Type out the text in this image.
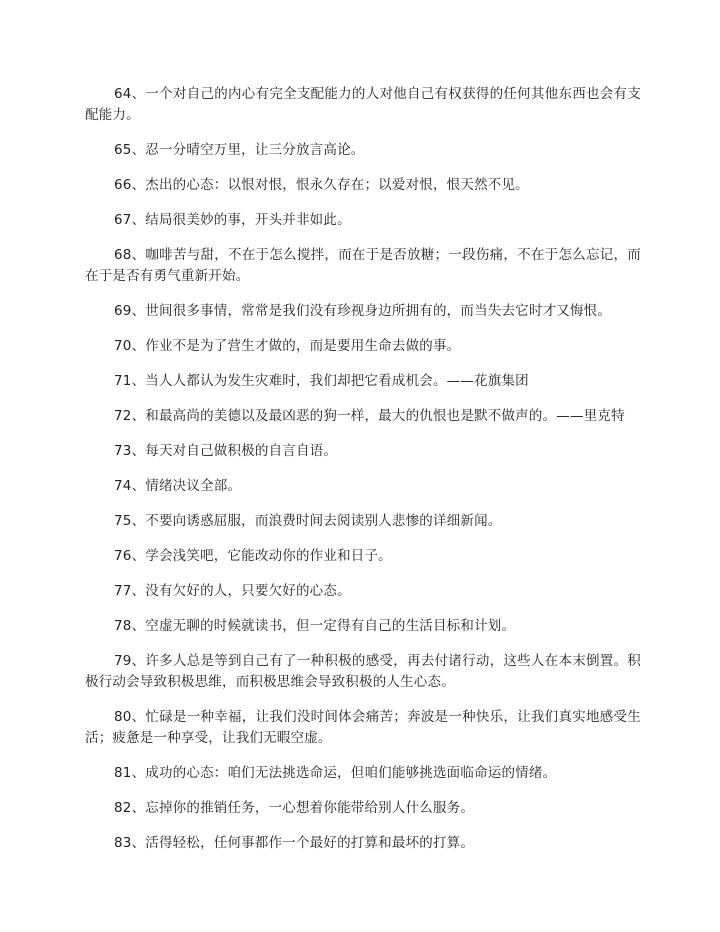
64、一个对自己的内心有完全支配能力的人对他自己有权获得的任何其他东西也会有支配能力。

65、忍一分晴空万里，让三分放言高论。

66、杰出的心态：以恨对恨，恨永久存在；以爱对恨，恨天然不见。

67、结局很美妙的事，开头并非如此。

68、咖啡苦与甜，不在于怎么搅拌，而在于是否放糖；一段伤痛，不在于怎么忘记，而在于是否有勇气重新开始。

69、世间很多事情，常常是我们没有珍视身边所拥有的，而当失去它时才又悔恨。

70、作业不是为了营生才做的，而是要用生命去做的事。

71、当人人都认为发生灾难时，我们却把它看成机会。——花旗集团

72、和最高尚的美德以及最凶恶的狗一样，最大的仇恨也是默不做声的。——里克特

73、每天对自己做积极的自言自语。

74、情绪决议全部。

75、不要向诱惑屈服，而浪费时间去阅读别人悲惨的详细新闻。

76、学会浅笑吧，它能改动你的作业和日子。

77、没有欠好的人，只要欠好的心态。

78、空虚无聊的时候就读书，但一定得有自己的生活目标和计划。

79、许多人总是等到自己有了一种积极的感受，再去付诸行动，这些人在本末倒置。积极行动会导致积极思维，而积极思维会导致积极的人生心态。

80、忙碌是一种幸福，让我们没时间体会痛苦；奔波是一种快乐，让我们真实地感受生活；疲惫是一种享受，让我们无暇空虚。

81、成功的心态：咱们无法挑选命运，但咱们能够挑选面临命运的情绪。

82、忘掉你的推销任务，一心想着你能带给别人什么服务。

83、活得轻松，任何事都作一个最好的打算和最坏的打算。
